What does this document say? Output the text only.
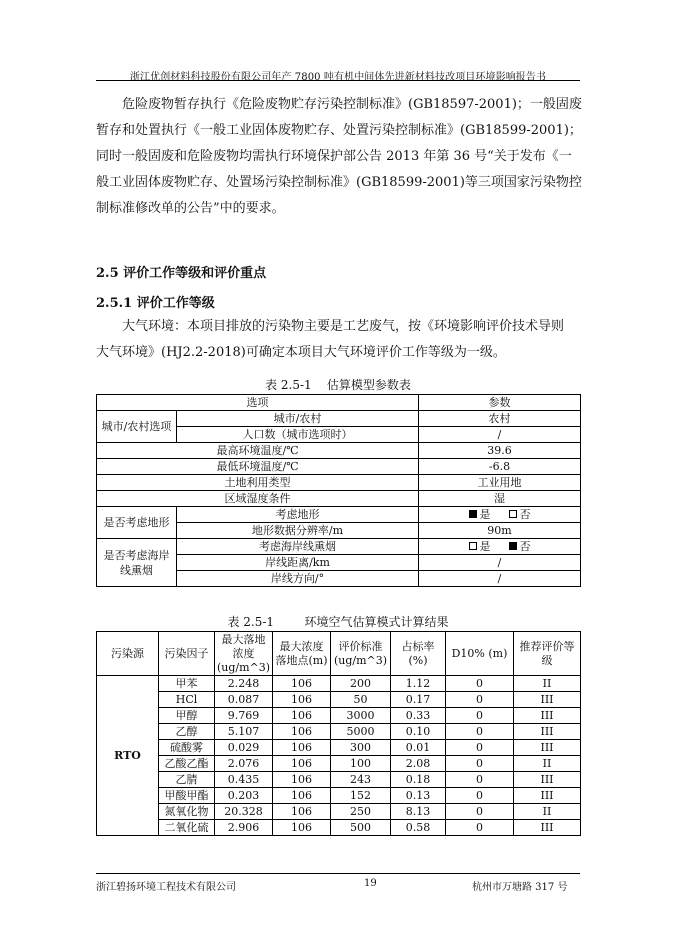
浙江优创材料科技股份有限公司年产 7800 吨有机中间体先进新材料技改项目环境影响报告书

危险废物暂存执行《危险废物贮存污染控制标准》(GB18597-2001)；一般固废
暂存和处置执行《一般工业固体废物贮存、处置污染控制标准》(GB18599-2001)；
同时一般固废和危险废物均需执行环境保护部公告 2013 年第 36 号“关于发布《一
般工业固体废物贮存、处置场污染控制标准》(GB18599-2001)等三项国家污染物控
制标准修改单的公告”中的要求。

2.5 评价工作等级和评价重点
2.5.1 评价工作等级

大气环境：本项目排放的污染物主要是工艺废气，按《环境影响评价技术导则
大气环境》(HJ2.2-2018)可确定本项目大气环境评价工作等级为一级。

表 2.5-1    估算模型参数表
选项		参数
城市/农村选项	城市/农村	农村
	人口数（城市选项时）	/
最高环境温度/℃		39.6
最低环境温度/℃		-6.8
土地利用类型		工业用地
区域湿度条件		湿
是否考虑地形	考虑地形	是 否
	地形数据分辨率/m	90m
是否考虑海岸线熏烟	考虑海岸线熏烟	是 否
	岸线距离/km	/
	岸线方向/°	/
表 2.5-1        环境空气估算模式计算结果
污染源	污染因子	最大落地浓度(ug/m^3)	最大浓度落地点(m)	评价标准(ug/m^3)	占标率(%)	D10% (m)	推荐评价等级
RTO	甲苯	2.248	106	200	1.12	0	II
	HCl	0.087	106	50	0.17	0	III
	甲醇	9.769	106	3000	0.33	0	III
	乙醇	5.107	106	5000	0.10	0	III
	硫酸雾	0.029	106	300	0.01	0	III
	乙酸乙酯	2.076	106	100	2.08	0	II
	乙腈	0.435	106	243	0.18	0	III
	甲酸甲酯	0.203	106	152	0.13	0	III
	氮氧化物	20.328	106	250	8.13	0	II
	二氧化硫	2.906	106	500	0.58	0	III
浙江碧扬环境工程技术有限公司	19	杭州市万塘路 317 号
